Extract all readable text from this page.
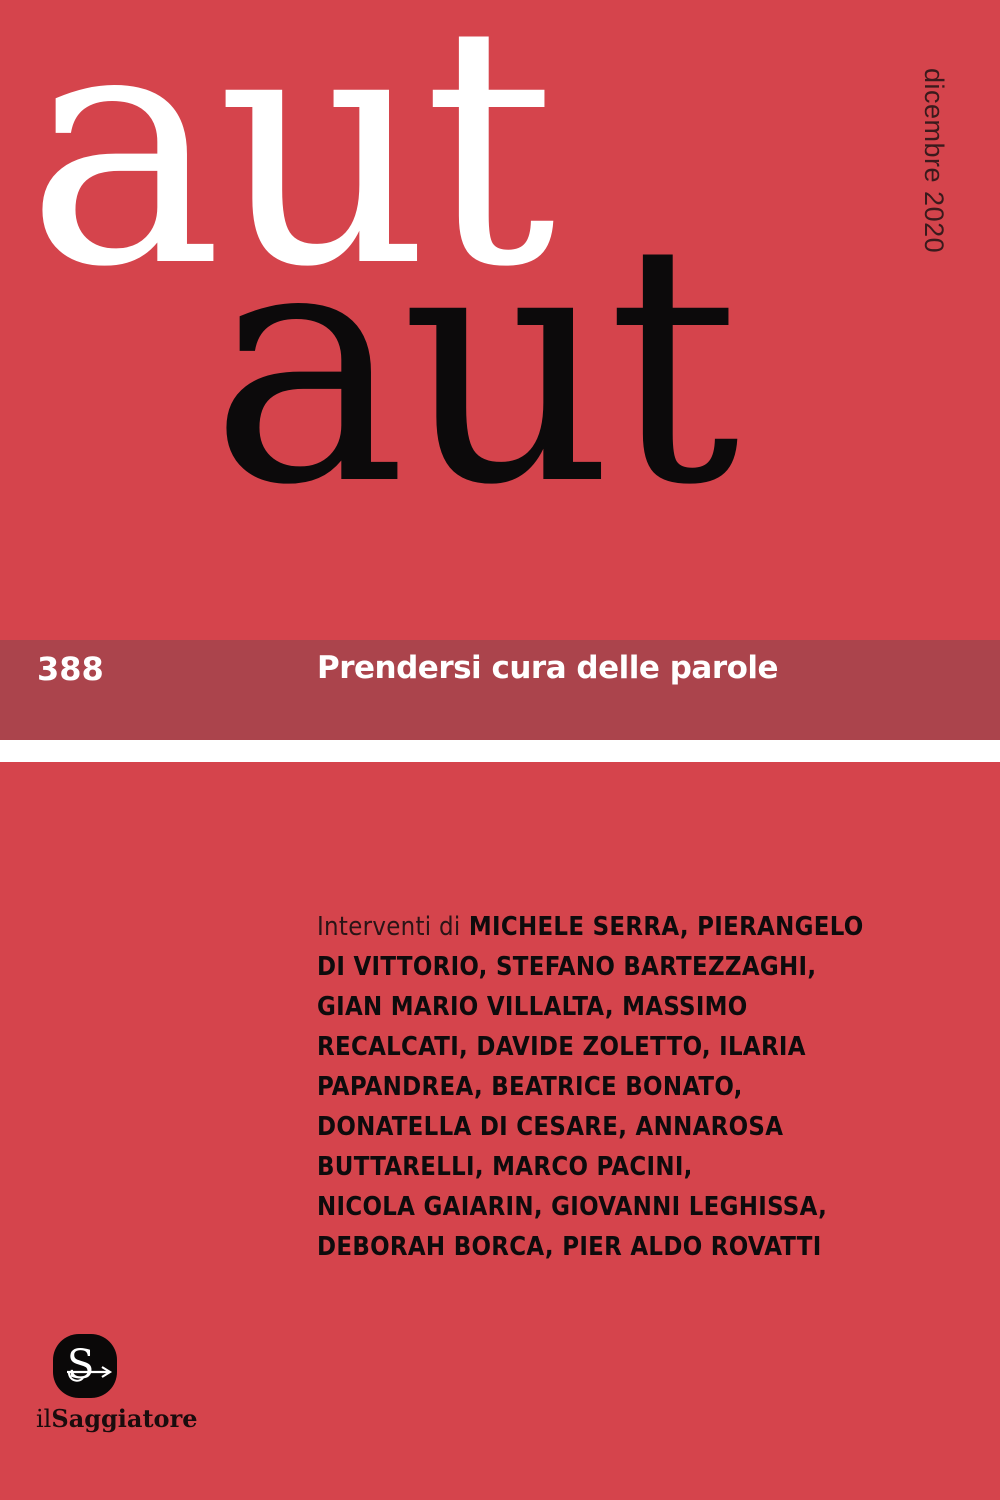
aut
aut
dicembre 2020
388	Prendersi cura delle parole
Interventi di MICHELE SERRA, PIERANGELO
DI VITTORIO, STEFANO BARTEZZAGHI,
GIAN MARIO VILLALTA, MASSIMO
RECALCATI, DAVIDE ZOLETTO, ILARIA
PAPANDREA, BEATRICE BONATO,
DONATELLA DI CESARE, ANNAROSA
BUTTARELLI, MARCO PACINI,
NICOLA GAIARIN, GIOVANNI LEGHISSA,
DEBORAH BORCA, PIER ALDO ROVATTI
S
ilSaggiatore
